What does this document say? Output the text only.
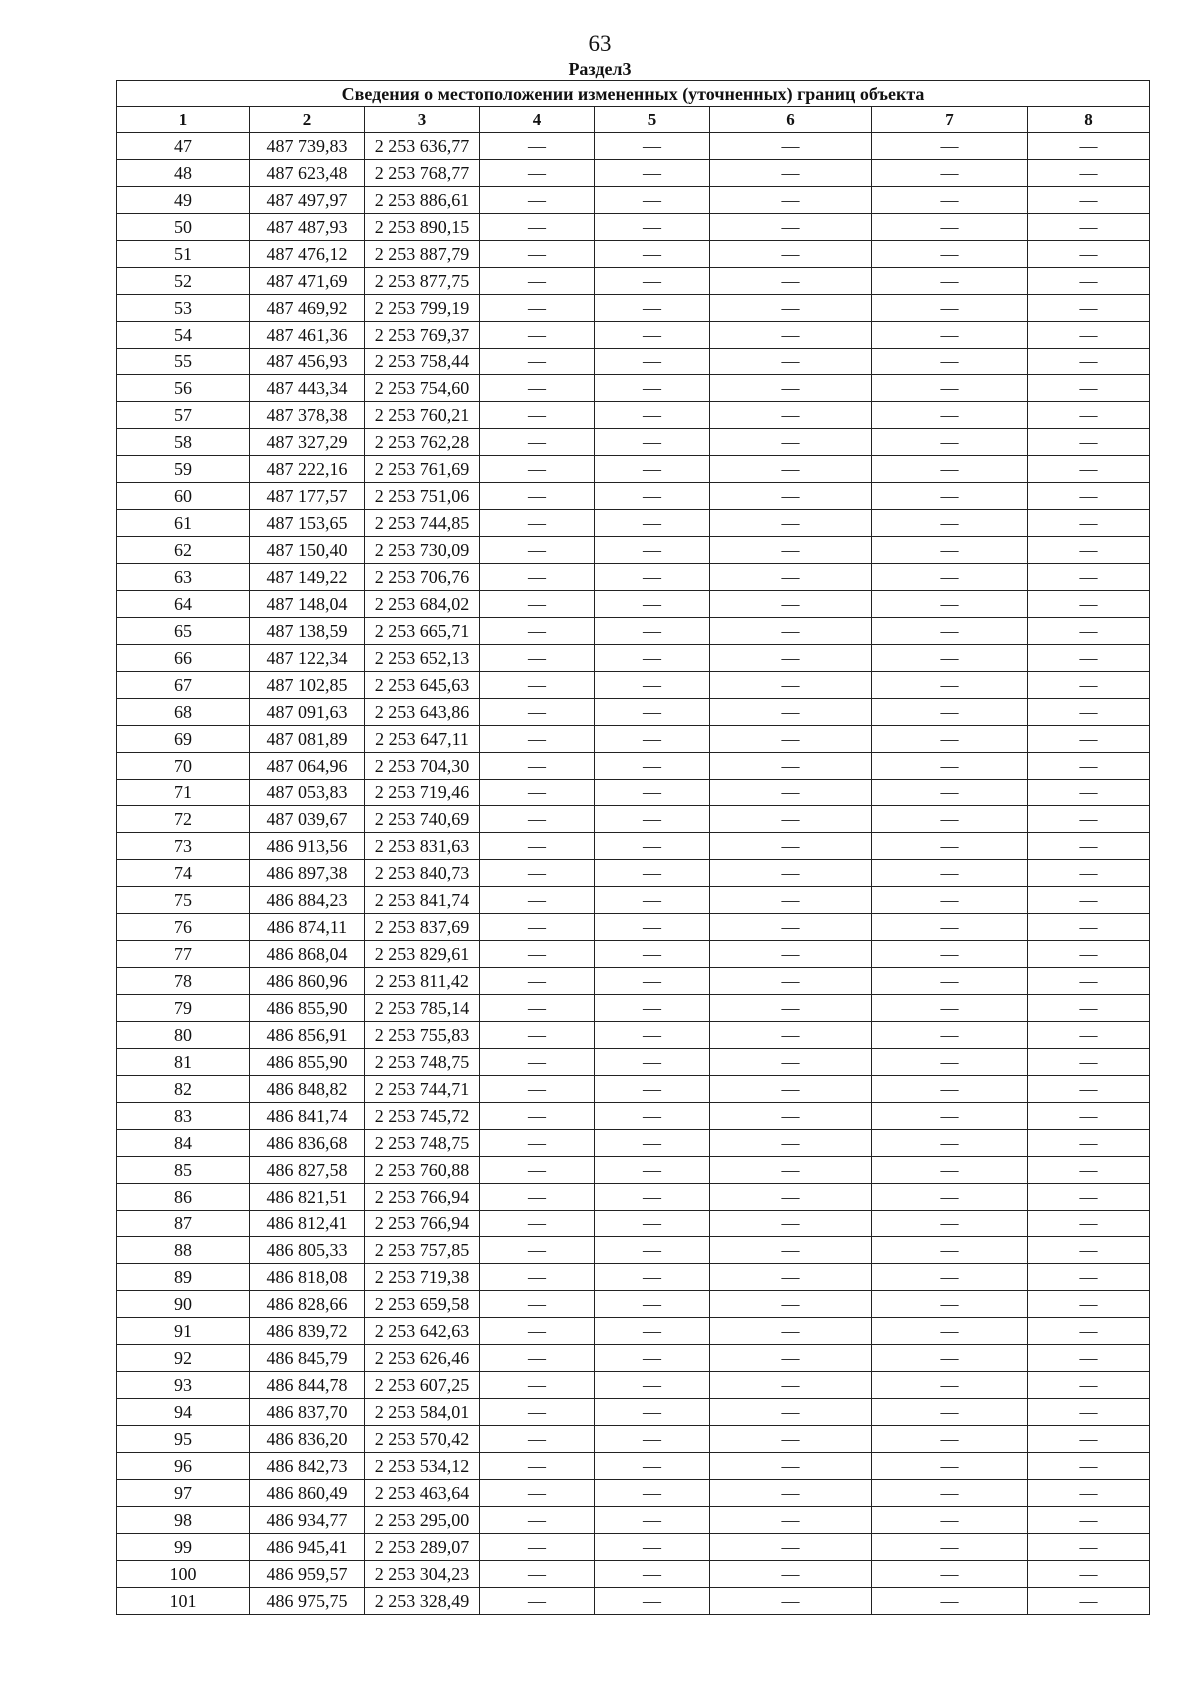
63
Раздел3
Сведения о местоположении измененных (уточненных) границ объекта							
1	2	3	4	5	6	7	8
47	487 739,83	2 253 636,77	—	—	—	—	—
48	487 623,48	2 253 768,77	—	—	—	—	—
49	487 497,97	2 253 886,61	—	—	—	—	—
50	487 487,93	2 253 890,15	—	—	—	—	—
51	487 476,12	2 253 887,79	—	—	—	—	—
52	487 471,69	2 253 877,75	—	—	—	—	—
53	487 469,92	2 253 799,19	—	—	—	—	—
54	487 461,36	2 253 769,37	—	—	—	—	—
55	487 456,93	2 253 758,44	—	—	—	—	—
56	487 443,34	2 253 754,60	—	—	—	—	—
57	487 378,38	2 253 760,21	—	—	—	—	—
58	487 327,29	2 253 762,28	—	—	—	—	—
59	487 222,16	2 253 761,69	—	—	—	—	—
60	487 177,57	2 253 751,06	—	—	—	—	—
61	487 153,65	2 253 744,85	—	—	—	—	—
62	487 150,40	2 253 730,09	—	—	—	—	—
63	487 149,22	2 253 706,76	—	—	—	—	—
64	487 148,04	2 253 684,02	—	—	—	—	—
65	487 138,59	2 253 665,71	—	—	—	—	—
66	487 122,34	2 253 652,13	—	—	—	—	—
67	487 102,85	2 253 645,63	—	—	—	—	—
68	487 091,63	2 253 643,86	—	—	—	—	—
69	487 081,89	2 253 647,11	—	—	—	—	—
70	487 064,96	2 253 704,30	—	—	—	—	—
71	487 053,83	2 253 719,46	—	—	—	—	—
72	487 039,67	2 253 740,69	—	—	—	—	—
73	486 913,56	2 253 831,63	—	—	—	—	—
74	486 897,38	2 253 840,73	—	—	—	—	—
75	486 884,23	2 253 841,74	—	—	—	—	—
76	486 874,11	2 253 837,69	—	—	—	—	—
77	486 868,04	2 253 829,61	—	—	—	—	—
78	486 860,96	2 253 811,42	—	—	—	—	—
79	486 855,90	2 253 785,14	—	—	—	—	—
80	486 856,91	2 253 755,83	—	—	—	—	—
81	486 855,90	2 253 748,75	—	—	—	—	—
82	486 848,82	2 253 744,71	—	—	—	—	—
83	486 841,74	2 253 745,72	—	—	—	—	—
84	486 836,68	2 253 748,75	—	—	—	—	—
85	486 827,58	2 253 760,88	—	—	—	—	—
86	486 821,51	2 253 766,94	—	—	—	—	—
87	486 812,41	2 253 766,94	—	—	—	—	—
88	486 805,33	2 253 757,85	—	—	—	—	—
89	486 818,08	2 253 719,38	—	—	—	—	—
90	486 828,66	2 253 659,58	—	—	—	—	—
91	486 839,72	2 253 642,63	—	—	—	—	—
92	486 845,79	2 253 626,46	—	—	—	—	—
93	486 844,78	2 253 607,25	—	—	—	—	—
94	486 837,70	2 253 584,01	—	—	—	—	—
95	486 836,20	2 253 570,42	—	—	—	—	—
96	486 842,73	2 253 534,12	—	—	—	—	—
97	486 860,49	2 253 463,64	—	—	—	—	—
98	486 934,77	2 253 295,00	—	—	—	—	—
99	486 945,41	2 253 289,07	—	—	—	—	—
100	486 959,57	2 253 304,23	—	—	—	—	—
101	486 975,75	2 253 328,49	—	—	—	—	—
